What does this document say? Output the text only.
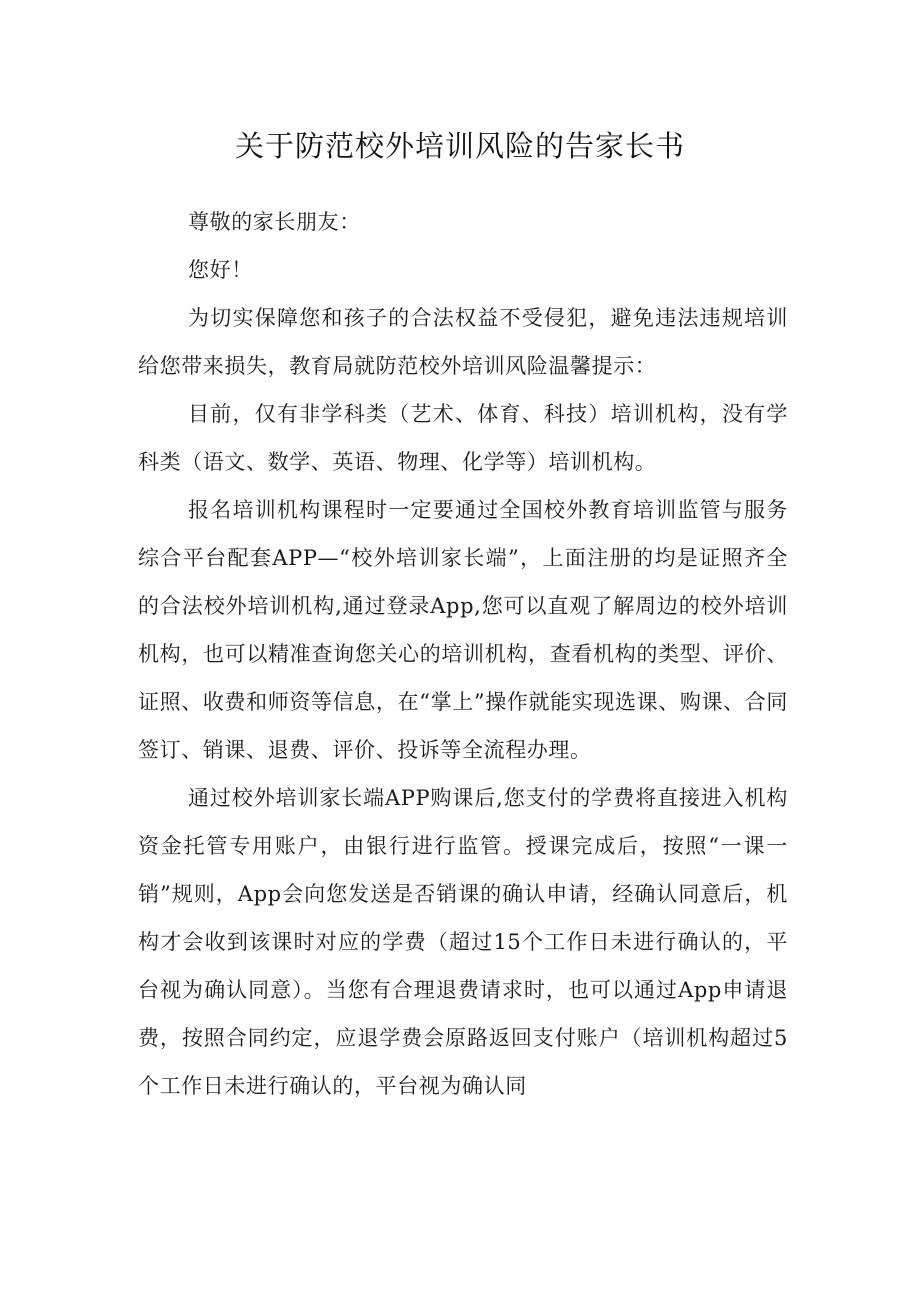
关于防范校外培训风险的告家长书

尊敬的家长朋友：

您好！

为切实保障您和孩子的合法权益不受侵犯，避免违法违规培训给您带来损失，教育局就防范校外培训风险温馨提示：

目前，仅有非学科类（艺术、体育、科技）培训机构，没有学科类（语文、数学、英语、物理、化学等）培训机构。

报名培训机构课程时一定要通过全国校外教育培训监管与服务综合平台配套APP—“校外培训家长端”，上面注册的均是证照齐全的合法校外培训机构,通过登录App,您可以直观了解周边的校外培训机构，也可以精准查询您关心的培训机构，查看机构的类型、评价、证照、收费和师资等信息，在“掌上”操作就能实现选课、购课、合同签订、销课、退费、评价、投诉等全流程办理。

通过校外培训家长端APP购课后,您支付的学费将直接进入机构资金托管专用账户，由银行进行监管。授课完成后，按照“一课一销”规则，App会向您发送是否销课的确认申请，经确认同意后，机构才会收到该课时对应的学费（超过15个工作日未进行确认的，平台视为确认同意）。当您有合理退费请求时，也可以通过App申请退费，按照合同约定，应退学费会原路返回支付账户（培训机构超过5个工作日未进行确认的，平台视为确认同
